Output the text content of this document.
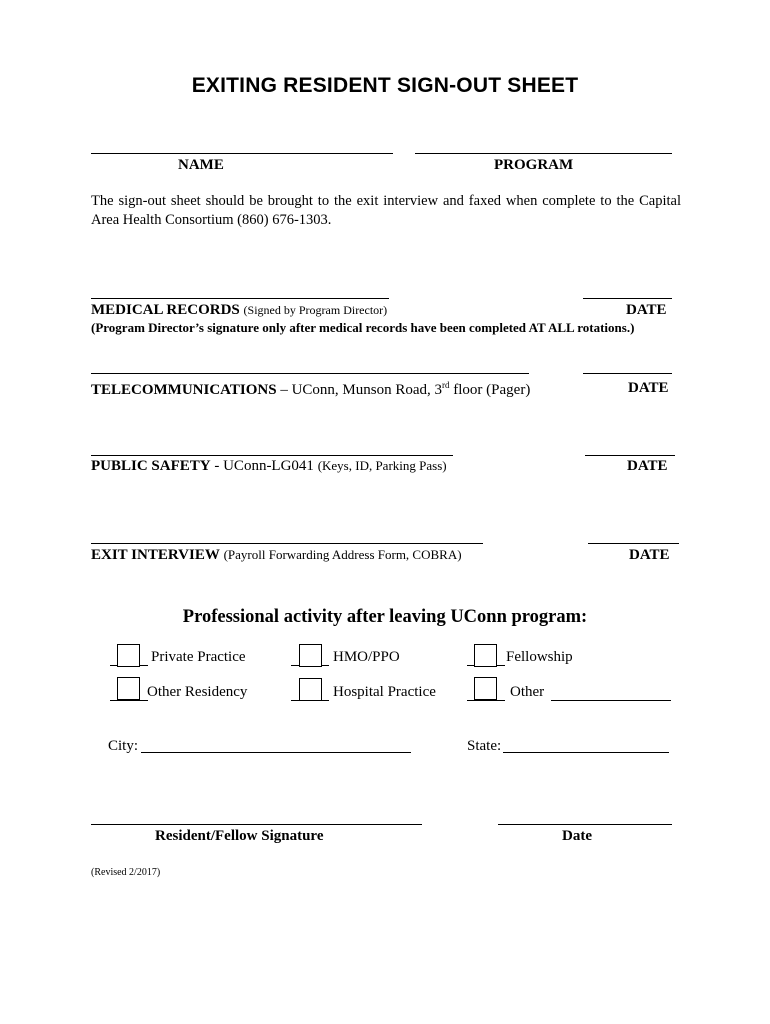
EXITING RESIDENT SIGN-OUT SHEET
NAME	PROGRAM
The sign-out sheet should be brought to the exit interview and faxed when complete to the Capital Area Health Consortium (860) 676-1303.
MEDICAL RECORDS (Signed by Program Director)	DATE
(Program Director’s signature only after medical records have been completed AT ALL rotations.)
TELECOMMUNICATIONS – UConn, Munson Road, 3rd floor (Pager)	DATE
PUBLIC SAFETY - UConn-LG041 (Keys, ID, Parking Pass)	DATE
EXIT INTERVIEW (Payroll Forwarding Address Form, COBRA)	DATE
Professional activity after leaving UConn program:
Private Practice	HMO/PPO	Fellowship
Other Residency	Hospital Practice	Other
City:	State:
Resident/Fellow Signature	Date
(Revised 2/2017)
